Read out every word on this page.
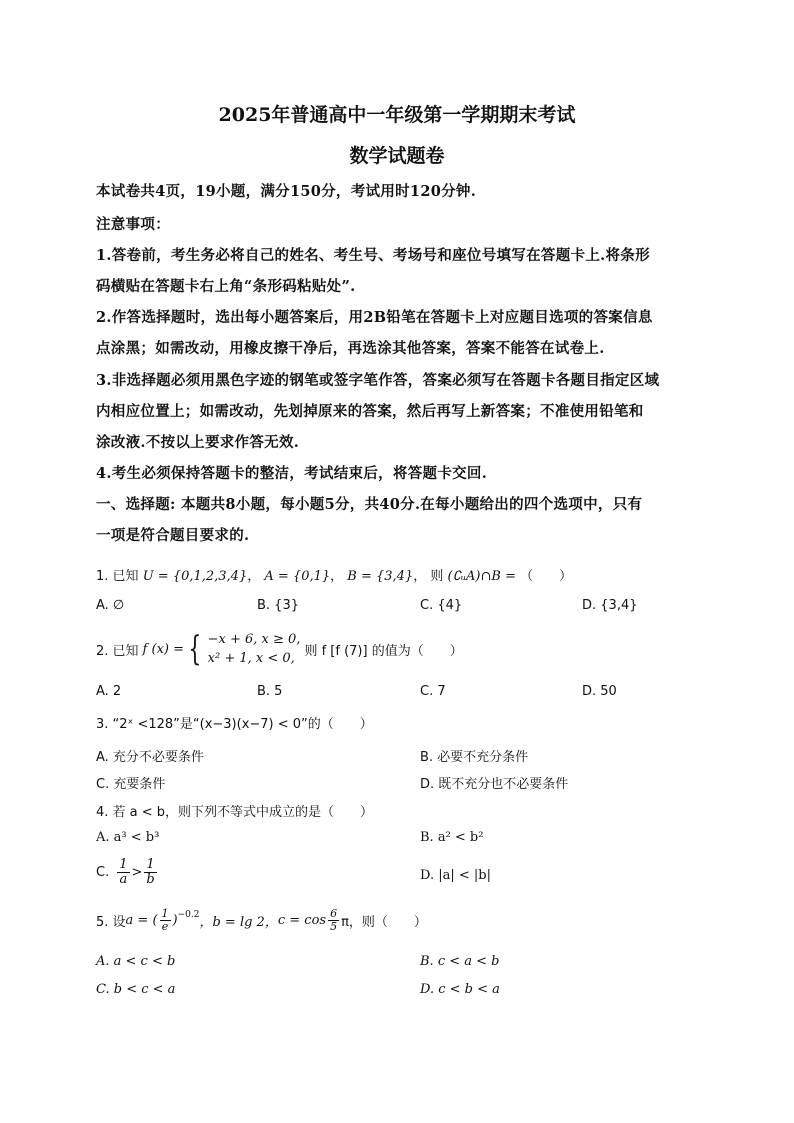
2025年普通高中一年级第一学期期末考试
数学试题卷
本试卷共4页，19小题，满分150分，考试用时120分钟.
注意事项：
1.答卷前，考生务必将自己的姓名、考生号、考场号和座位号填写在答题卡上.将条形
码横贴在答题卡右上角“条形码粘贴处”.
2.作答选择题时，选出每小题答案后，用2B铅笔在答题卡上对应题目选项的答案信息
点涂黑；如需改动，用橡皮擦干净后，再选涂其他答案，答案不能答在试卷上.
3.非选择题必须用黑色字迹的钢笔或签字笔作答，答案必须写在答题卡各题目指定区域
内相应位置上；如需改动，先划掉原来的答案，然后再写上新答案；不准使用铅笔和
涂改液.不按以上要求作答无效.
4.考生必须保持答题卡的整洁，考试结束后，将答题卡交回.
一、选择题: 本题共8小题，每小题5分，共40分.在每小题给出的四个选项中，只有
一项是符合题目要求的.
1. 已知 U = {0,1,2,3,4}， A = {0,1}， B = {3,4}， 则 (∁ᵤA)∩B = （　　）
A. ∅	B. {3}	C. {4}	D. {3,4}
2. 已知 f (x) = { −x + 6, x ≥ 0,
x² + 1, x < 0, 则 f [f (7)] 的值为（　　）
A. 2	B. 5	C. 7	D. 50
3. “2ˣ <128”是“(x−3)(x−7) < 0”的（　　）
A. 充分不必要条件	B. 必要不充分条件
C. 充要条件	D. 既不充分也不必要条件
4. 若 a < b，则下列不等式中成立的是（　　）
A. a³ < b³	B. a² < b²
C. $\frac{1}{a} > \frac{1}{b}$	D. |a| < |b|
5. 设 a = ( $\frac{1}{e} )^{-0.2}$ ，b = lg 2， $c = \cos \frac{6}{5}$ π，则（　　）
A. a < c < b	B. c < a < b
C. b < c < a	D. c < b < a
